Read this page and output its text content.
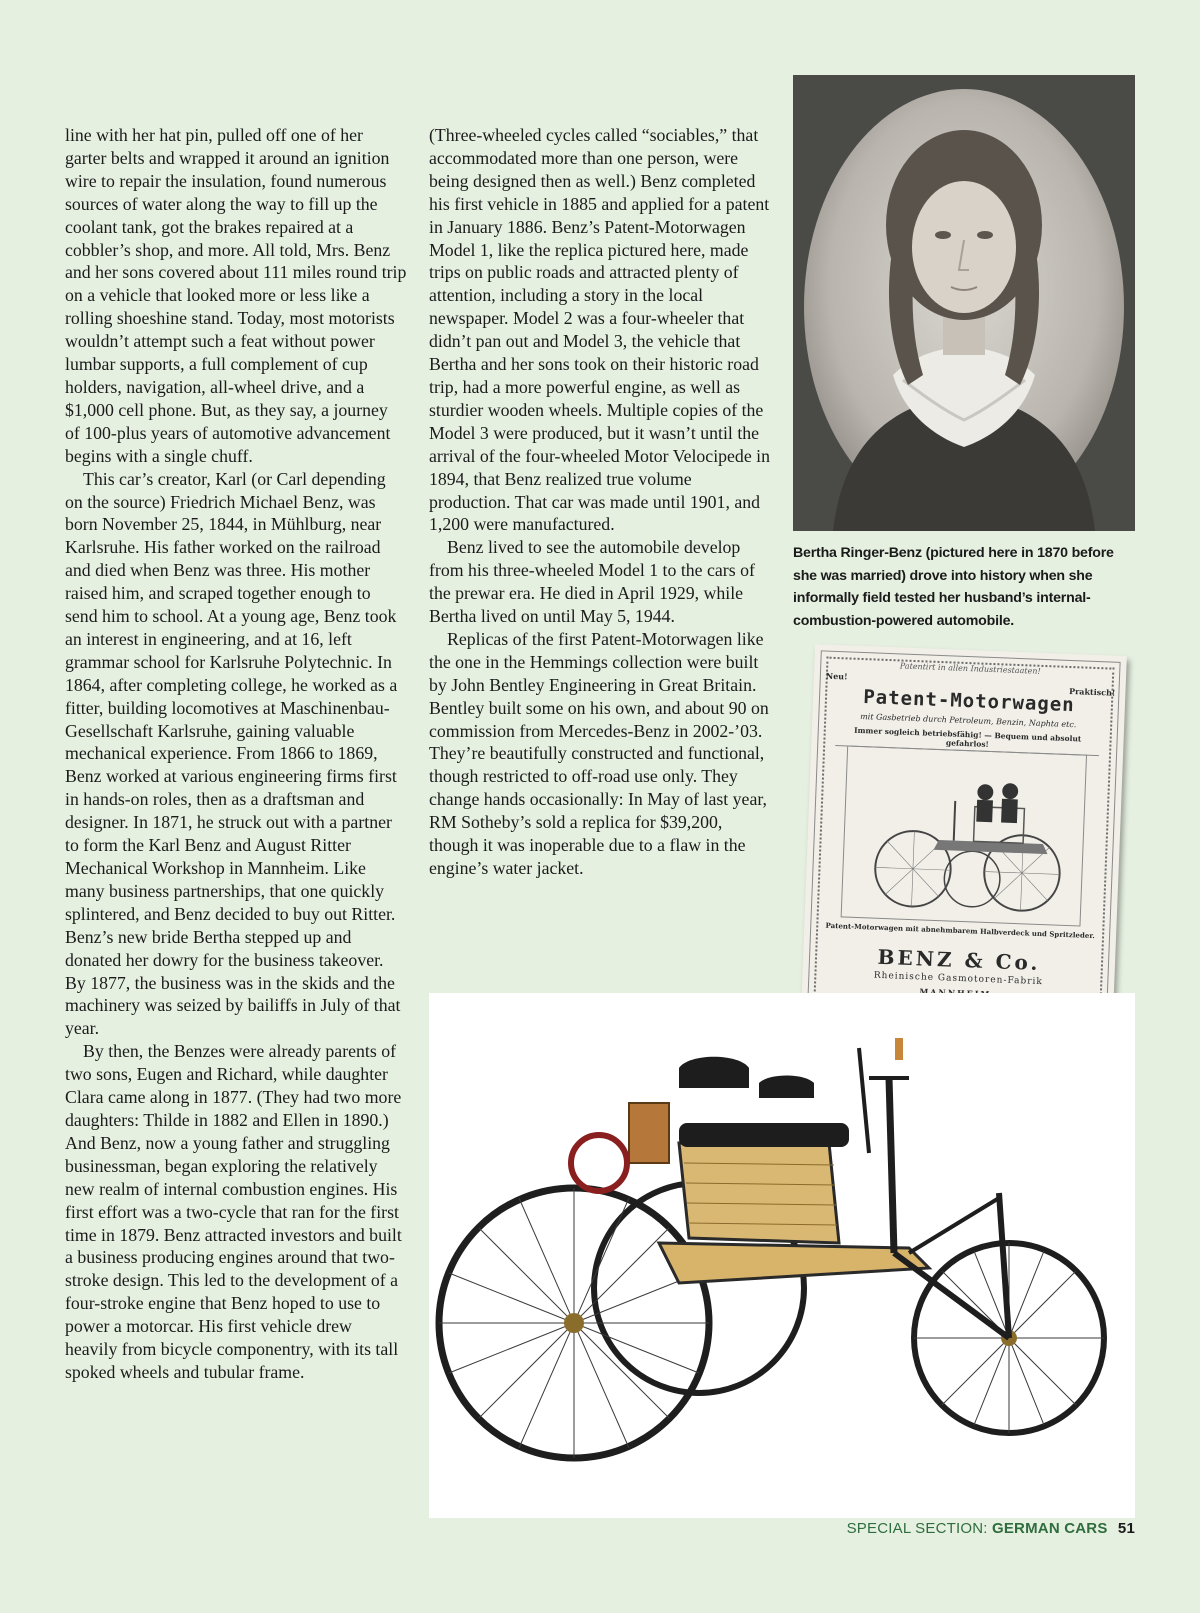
line with her hat pin, pulled off one of her garter belts and wrapped it around an ignition wire to repair the insulation, found numerous sources of water along the way to fill up the coolant tank, got the brakes repaired at a cobbler’s shop, and more. All told, Mrs. Benz and her sons covered about 111 miles round trip on a vehicle that looked more or less like a rolling shoeshine stand. Today, most motorists wouldn’t attempt such a feat without power lumbar supports, a full complement of cup holders, navigation, all-wheel drive, and a $1,000 cell phone. But, as they say, a journey of 100-plus years of automotive advancement begins with a single chuff.

This car’s creator, Karl (or Carl depending on the source) Friedrich Michael Benz, was born November 25, 1844, in Mühlburg, near Karlsruhe. His father worked on the railroad and died when Benz was three. His mother raised him, and scraped together enough to send him to school. At a young age, Benz took an interest in engineering, and at 16, left grammar school for Karlsruhe Polytechnic. In 1864, after completing college, he worked as a fitter, building locomotives at Maschinenbau-Gesellschaft Karlsruhe, gaining valuable mechanical experience. From 1866 to 1869, Benz worked at various engineering firms first in hands-on roles, then as a draftsman and designer. In 1871, he struck out with a partner to form the Karl Benz and August Ritter Mechanical Workshop in Mannheim. Like many business partnerships, that one quickly splintered, and Benz decided to buy out Ritter. Benz’s new bride Bertha stepped up and donated her dowry for the business takeover. By 1877, the business was in the skids and the machinery was seized by bailiffs in July of that year.

By then, the Benzes were already parents of two sons, Eugen and Richard, while daughter Clara came along in 1877. (They had two more daughters: Thilde in 1882 and Ellen in 1890.) And Benz, now a young father and struggling businessman, began exploring the relatively new realm of internal combustion engines. His first effort was a two-cycle that ran for the first time in 1879. Benz attracted investors and built a business producing engines around that two-stroke design. This led to the development of a four-stroke engine that Benz hoped to use to power a motorcar. His first vehicle drew heavily from bicycle componentry, with its tall spoked wheels and tubular frame.

(Three-wheeled cycles called “sociables,” that accommodated more than one person, were being designed then as well.) Benz completed his first vehicle in 1885 and applied for a patent in January 1886. Benz’s Patent-Motorwagen Model 1, like the replica pictured here, made trips on public roads and attracted plenty of attention, including a story in the local newspaper. Model 2 was a four-wheeler that didn’t pan out and Model 3, the vehicle that Bertha and her sons took on their historic road trip, had a more powerful engine, as well as sturdier wooden wheels. Multiple copies of the Model 3 were produced, but it wasn’t until the arrival of the four-wheeled Motor Velocipede in 1894, that Benz realized true volume production. That car was made until 1901, and 1,200 were manufactured.

Benz lived to see the automobile develop from his three-wheeled Model 1 to the cars of the prewar era. He died in April 1929, while Bertha lived on until May 5, 1944.

Replicas of the first Patent-Motorwagen like the one in the Hemmings collection were built by John Bentley Engineering in Great Britain. Bentley built some on his own, and about 90 on commission from Mercedes-Benz in 2002-’03. They’re beautifully constructed and functional, though restricted to off-road use only. They change hands occasionally: In May of last year, RM Sotheby’s sold a replica for $39,200, though it was inoperable due to a flaw in the engine’s water jacket.

Bertha Ringer-Benz (pictured here in 1870 before she was married) drove into history when she informally field tested her husband’s internal-combustion-powered automobile.
Patentirt in allen Industriestaaten!
Neu!
Praktisch!
Patent-Motorwagen
mit Gasbetrieb durch Petroleum, Benzin, Naphta etc.
Immer sogleich betriebsfähig! — Bequem und absolut gefahrlos!
Patent-Motorwagen mit abnehmbarem Halbverdeck und Spritzleder.
BENZ & Co.
Rheinische Gasmotoren-Fabrik
SPECIAL SECTION: GERMAN CARS 51
